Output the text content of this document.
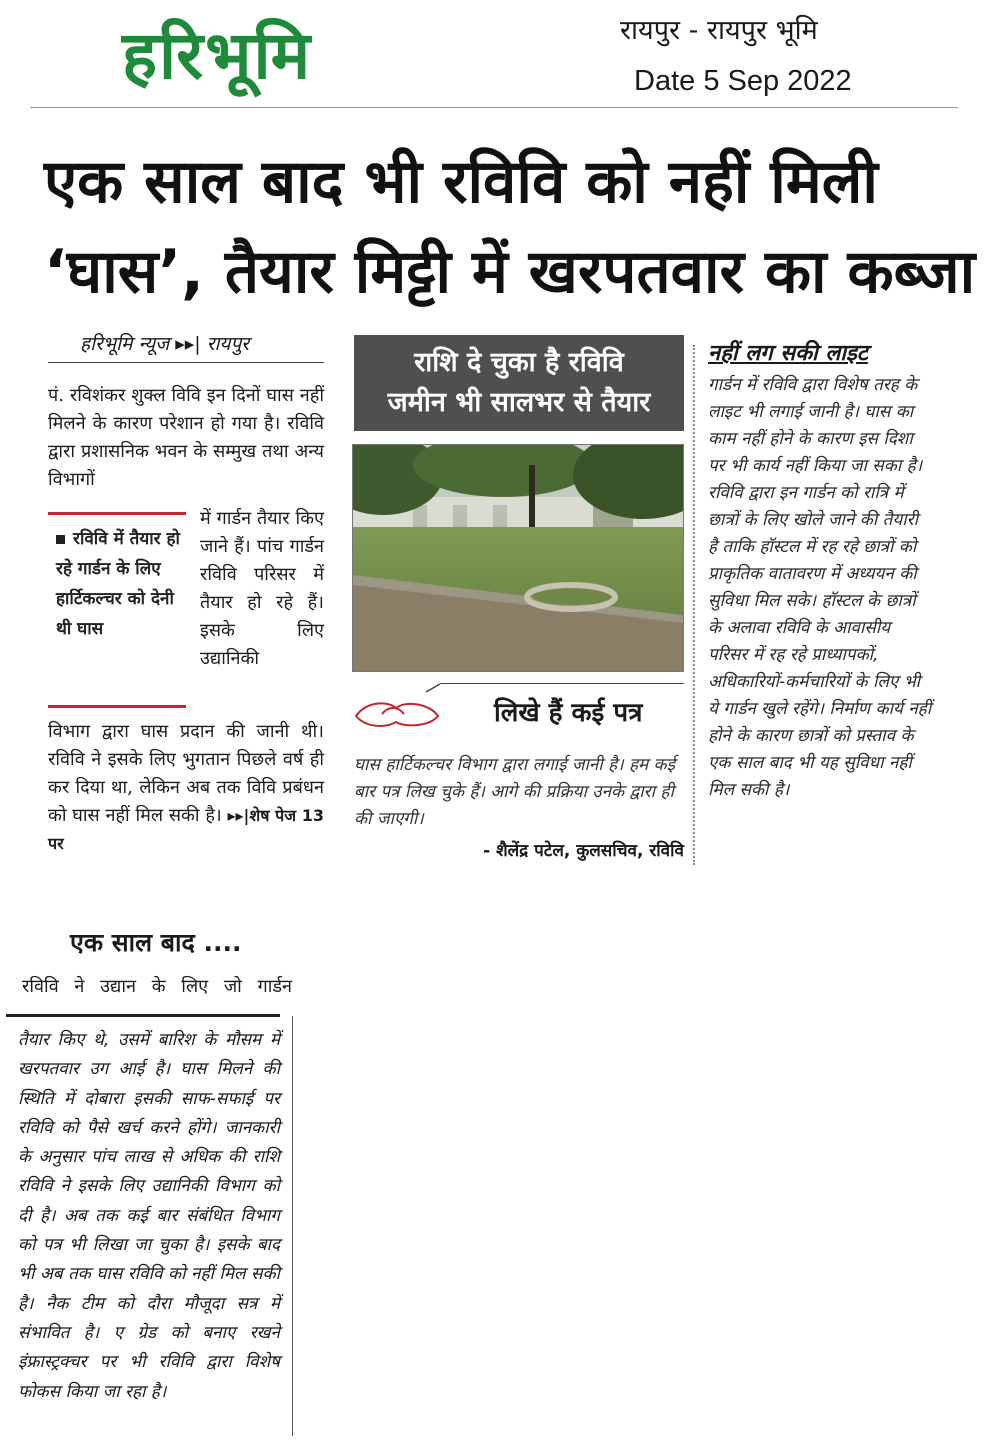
हरिभूमि	रायपुर - रायपुर भूमि
Date 5 Sep 2022
एक साल बाद भी रविवि को नहीं मिली
‘घास’, तैयार मिट्टी में खरपतवार का कब्जा
हरिभूमि न्यूज ▸▸| रायपुर
पं. रविशंकर शुक्ल विवि इन दिनों घास नहीं मिलने के कारण परेशान हो गया है। रविवि द्वारा प्रशासनिक भवन के सम्मुख तथा अन्य विभागों
रविवि में तैयार हो रहे गार्डन के लिए हार्टिकल्चर को देनी थी घास
में गार्डन तैयार किए जाने हैं। पांच गार्डन रविवि परिसर में तैयार हो रहे हैं। इसके लिए उद्यानिकी
विभाग द्वारा घास प्रदान की जानी थी। रविवि ने इसके लिए भुगतान पिछले वर्ष ही कर दिया था, लेकिन अब तक विवि प्रबंधन को घास नहीं मिल सकी है। ▸▸|शेष पेज 13 पर
राशि दे चुका है रविवि
जमीन भी सालभर से तैयार
लिखे हैं कई पत्र
घास हार्टिकल्चर विभाग द्वारा लगाई जानी है। हम कई बार पत्र लिख चुके हैं। आगे की प्रक्रिया उनके द्वारा ही की जाएगी।
- शैलेंद्र पटेल, कुलसचिव, रविवि
नहीं लग सकी लाइट
गार्डन में रविवि द्वारा विशेष तरह के लाइट भी लगाई जानी है। घास का काम नहीं होने के कारण इस दिशा पर भी कार्य नहीं किया जा सका है। रविवि द्वारा इन गार्डन को रात्रि में छात्रों के लिए खोले जाने की तैयारी है ताकि हॉस्टल में रह रहे छात्रों को प्राकृतिक वातावरण में अध्ययन की सुविधा मिल सके। हॉस्टल के छात्रों के अलावा रविवि के आवासीय परिसर में रह रहे प्राध्यापकों, अधिकारियों-कर्मचारियों के लिए भी ये गार्डन खुले रहेंगे। निर्माण कार्य नहीं होने के कारण छात्रों को प्रस्ताव के एक साल बाद भी यह सुविधा नहीं मिल सकी है।
एक साल बाद ....
रविवि ने उद्यान के लिए जो गार्डन
तैयार किए थे, उसमें बारिश के मौसम में खरपतवार उग आई है। घास मिलने की स्थिति में दोबारा इसकी साफ-सफाई पर रविवि को पैसे खर्च करने होंगे। जानकारी के अनुसार पांच लाख से अधिक की राशि रविवि ने इसके लिए उद्यानिकी विभाग को दी है। अब तक कई बार संबंधित विभाग को पत्र भी लिखा जा चुका है। इसके बाद भी अब तक घास रविवि को नहीं मिल सकी है। नैक टीम को दौरा मौजूदा सत्र में संभावित है। ए ग्रेड को बनाए रखने इंफ्रास्ट्रक्चर पर भी रविवि द्वारा विशेष फोकस किया जा रहा है।
